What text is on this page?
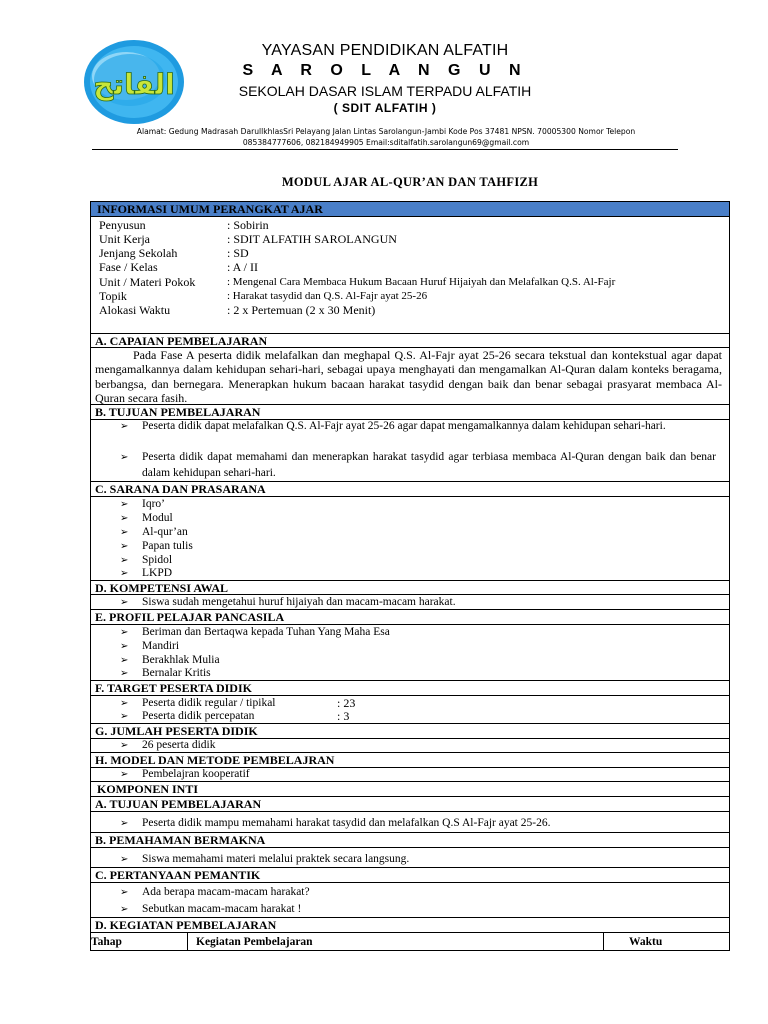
الفاتح
YAYASAN PENDIDIKAN ALFATIH
S A R O L A N G U N
SEKOLAH DASAR ISLAM TERPADU ALFATIH
( SDIT ALFATIH )
Alamat: Gedung Madrasah DarullkhlasSri Pelayang Jalan Lintas Sarolangun-Jambi Kode Pos 37481 NPSN. 70005300 Nomor Telepon
085384777606, 082184949905 Email:sditalfatih.sarolangun69@gmail.com
MODUL AJAR AL-QUR’AN DAN TAHFIZH
INFORMASI UMUM PERANGKAT AJAR
Penyusun	: Sobirin
Unit Kerja	: SDIT ALFATIH SAROLANGUN
Jenjang Sekolah	: SD
Fase / Kelas	: A / II
Unit / Materi Pokok	: Mengenal Cara Membaca Hukum Bacaan Huruf Hijaiyah dan Melafalkan Q.S. Al-Fajr
Topik	: Harakat tasydid dan Q.S. Al-Fajr ayat 25-26
Alokasi Waktu	: 2 x Pertemuan (2 x 30 Menit)
A. CAPAIAN PEMBELAJARAN
Pada Fase A peserta didik melafalkan dan meghapal Q.S. Al-Fajr ayat 25-26 secara tekstual dan kontekstual agar dapat mengamalkannya dalam kehidupan sehari-hari, sebagai upaya menghayati dan mengamalkan Al-Quran dalam konteks beragama, berbangsa, dan bernegara. Menerapkan hukum bacaan harakat tasydid dengan baik dan benar sebagai prasyarat membaca Al-Quran secara fasih.
B. TUJUAN PEMBELAJARAN
➢	Peserta didik dapat melafalkan Q.S. Al-Fajr ayat 25-26 agar dapat mengamalkannya dalam kehidupan sehari-hari.
➢	Peserta didik dapat memahami dan menerapkan harakat tasydid agar terbiasa membaca Al-Quran dengan baik dan benar dalam kehidupan sehari-hari.
C. SARANA DAN PRASARANA
➢ Iqro’
➢ Modul
➢ Al-qur’an
➢ Papan tulis
➢ Spidol
➢ LKPD
D. KOMPETENSI AWAL
➢ Siswa sudah mengetahui huruf hijaiyah dan macam-macam harakat.
E. PROFIL PELAJAR PANCASILA
➢ Beriman dan Bertaqwa kepada Tuhan Yang Maha Esa
➢ Mandiri
➢ Berakhlak Mulia
➢ Bernalar Kritis
F. TARGET PESERTA DIDIK
➢ Peserta didik regular / tipikal	: 23
➢ Peserta didik percepatan	: 3
G. JUMLAH PESERTA DIDIK
➢ 26 peserta didik
H. MODEL DAN METODE PEMBELAJRAN
➢ Pembelajran kooperatif
KOMPONEN INTI
A. TUJUAN PEMBELAJARAN
➢ Peserta didik mampu memahami harakat tasydid dan melafalkan Q.S Al-Fajr ayat 25-26.
B. PEMAHAMAN BERMAKNA
➢ Siswa memahami materi melalui praktek secara langsung.
C. PERTANYAAN PEMANTIK
➢ Ada berapa macam-macam harakat?
➢ Sebutkan macam-macam harakat !
D. KEGIATAN PEMBELAJARAN
Tahap	Kegiatan Pembelajaran	Waktu
